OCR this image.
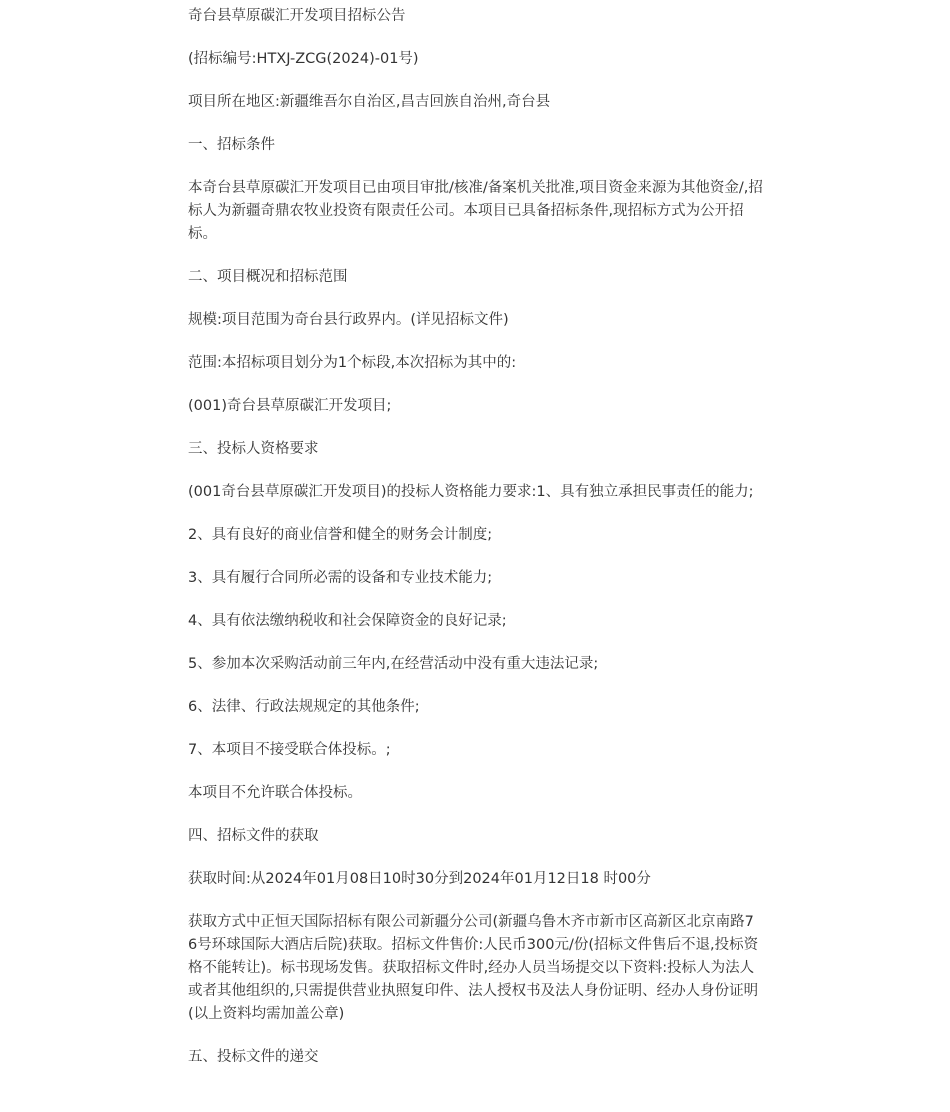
奇台县草原碳汇开发项目招标公告

(招标编号:HTXJ-ZCG(2024)-01号)

项目所在地区:新疆维吾尔自治区,昌吉回族自治州,奇台县

一、招标条件

本奇台县草原碳汇开发项目已由项目审批/核准/备案机关批准,项目资金来源为其他资金/,招标人为新疆奇鼎农牧业投资有限责任公司。本项目已具备招标条件,现招标方式为公开招标。

二、项目概况和招标范围

规模:项目范围为奇台县行政界内。(详见招标文件)

范围:本招标项目划分为1个标段,本次招标为其中的:

(001)奇台县草原碳汇开发项目;

三、投标人资格要求

(001奇台县草原碳汇开发项目)的投标人资格能力要求:1、具有独立承担民事责任的能力;

2、具有良好的商业信誉和健全的财务会计制度;

3、具有履行合同所必需的设备和专业技术能力;

4、具有依法缴纳税收和社会保障资金的良好记录;

5、参加本次采购活动前三年内,在经营活动中没有重大违法记录;

6、法律、行政法规规定的其他条件;

7、本项目不接受联合体投标。;

本项目不允许联合体投标。

四、招标文件的获取

获取时间:从2024年01月08日10时30分到2024年01月12日18 时00分

获取方式中正恒天国际招标有限公司新疆分公司(新疆乌鲁木齐市新市区高新区北京南路76号环球国际大酒店后院)获取。招标文件售价:人民币300元/份(招标文件售后不退,投标资格不能转让)。标书现场发售。获取招标文件时,经办人员当场提交以下资料:投标人为法人或者其他组织的,只需提供营业执照复印件、法人授权书及法人身份证明、经办人身份证明(以上资料均需加盖公章)

五、投标文件的递交
